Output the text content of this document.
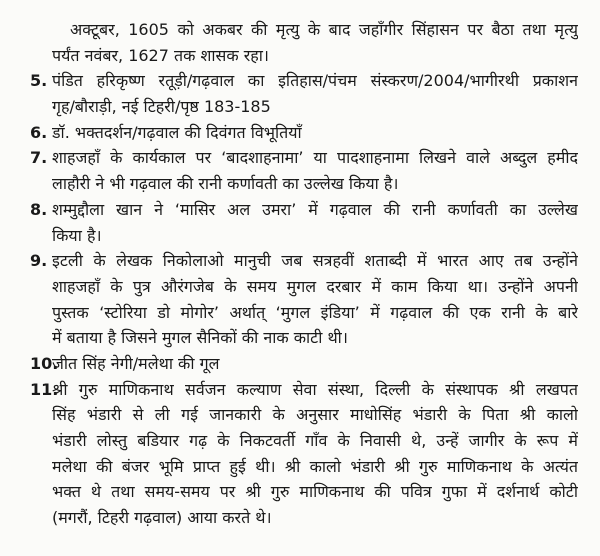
अक्टूबर, 1605 को अकबर की मृत्यु के बाद जहाँगीर सिंहासन पर बैठा तथा मृत्यु
पर्यंत नवंबर, 1627 तक शासक रहा।
5. पंडित हरिकृष्ण रतूड़ी/गढ़वाल का इतिहास/पंचम संस्करण/2004/भागीरथी प्रकाशन
गृह/बौराड़ी, नई टिहरी/पृष्ठ 183-185
6. डॉ. भक्तदर्शन/गढ़वाल की दिवंगत विभूतियाँ
7. शाहजहाँ के कार्यकाल पर ‘बादशाहनामा’ या पादशाहनामा लिखने वाले अब्दुल हमीद
लाहौरी ने भी गढ़वाल की रानी कर्णावती का उल्लेख किया है।
8. शम्मुद्दौला खान ने ‘मासिर अल उमरा’ में गढ़वाल की रानी कर्णावती का उल्लेख
किया है।
9. इटली के लेखक निकोलाओ मानुची जब सत्रहवीं शताब्दी में भारत आए तब उन्होंने
शाहजहाँ के पुत्र औरंगजेब के समय मुगल दरबार में काम किया था। उन्होंने अपनी
पुस्तक ‘स्टोरिया डो मोगोर’ अर्थात् ‘मुगल इंडिया’ में गढ़वाल की एक रानी के बारे
में बताया है जिसने मुगल सैनिकों की नाक काटी थी।
10.
जीत सिंह नेगी/मलेथा की गूल
11.
श्री गुरु माणिकनाथ सर्वजन कल्याण सेवा संस्था, दिल्ली के संस्थापक श्री लखपत
सिंह भंडारी से ली गई जानकारी के अनुसार माधोसिंह भंडारी के पिता श्री कालो
भंडारी लोस्तु बडियार गढ़ के निकटवर्ती गाँव के निवासी थे, उन्हें जागीर के रूप में
मलेथा की बंजर भूमि प्राप्त हुई थी। श्री कालो भंडारी श्री गुरु माणिकनाथ के अत्यंत
भक्त थे तथा समय-समय पर श्री गुरु माणिकनाथ की पवित्र गुफा में दर्शनार्थ कोटी
(मगरौं, टिहरी गढ़वाल) आया करते थे।
